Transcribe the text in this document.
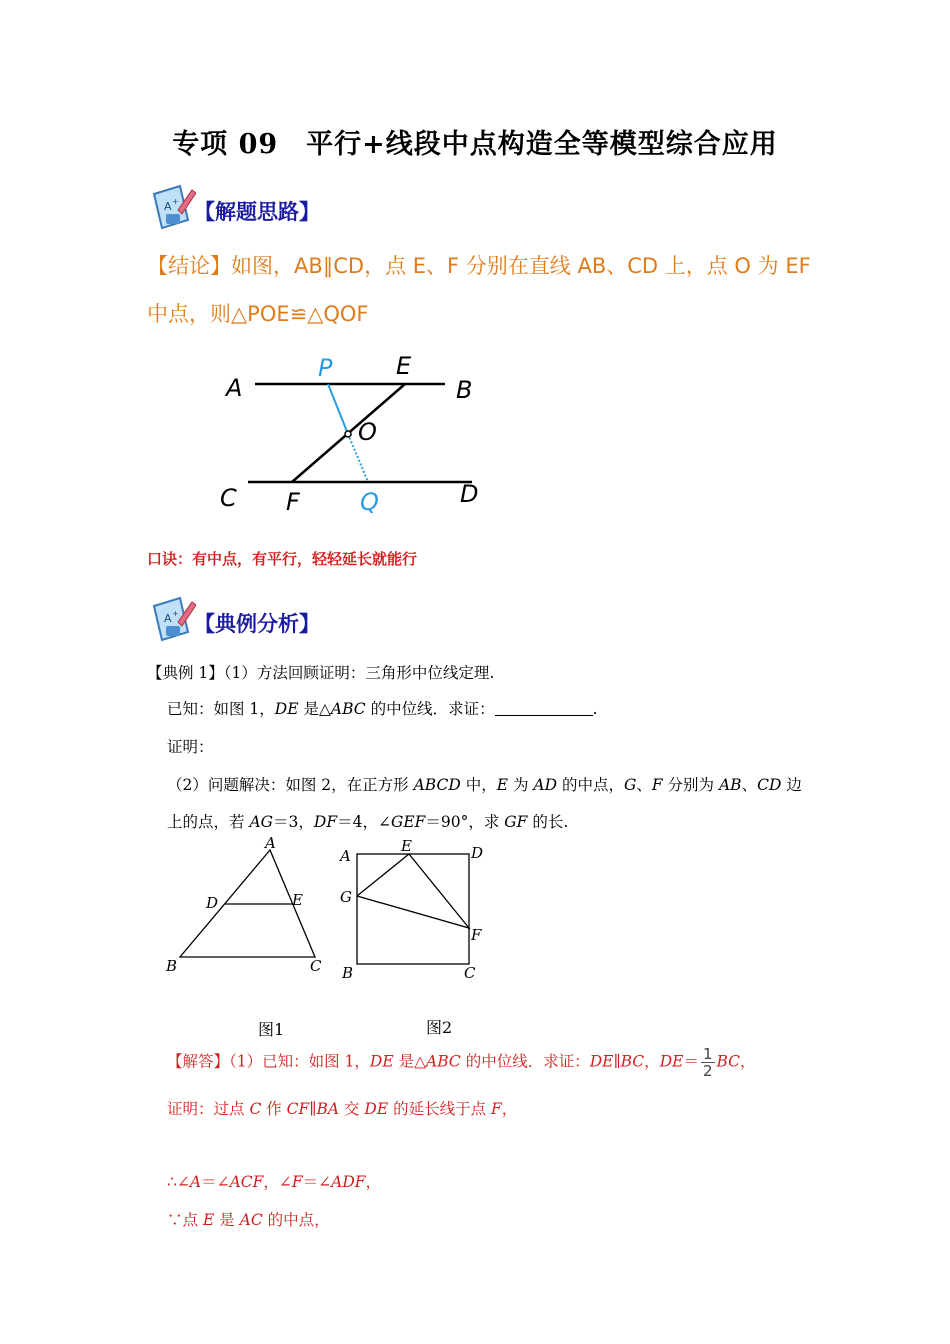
专项 09　平行+线段中点构造全等模型综合应用
A + 【解题思路】
【结论】如图，AB∥CD，点 E、F 分别在直线 AB、CD 上，点 O 为 EF
中点，则△POE≌△QOF
A	B
C	D
E
F
O
P
Q
口诀：有中点，有平行，轻轻延长就能行
A + 【典例分析】
【典例 1】（1）方法回顾证明：三角形中位线定理.
已知：如图 1，DE 是△ABC 的中位线．求证：	.
证明：
（2）问题解决：如图 2，在正方形 ABCD 中，E 为 AD 的中点，G、F 分别为 AB、CD 边
上的点，若 AG＝3，DF＝4，∠GEF＝90°，求 GF 的长.
A
D	E
B	C
图1
A
E	D
G
F
B	C
图2
【解答】（1）已知：如图 1，DE 是△ABC 的中位线．求证：DE∥BC，$DE= \frac{1}{2}$ BC，
证明：过点 C 作 CF∥BA 交 DE 的延长线于点 F，
∴∠A＝∠ACF，∠F＝∠ADF，
∵点 E 是 AC 的中点，
